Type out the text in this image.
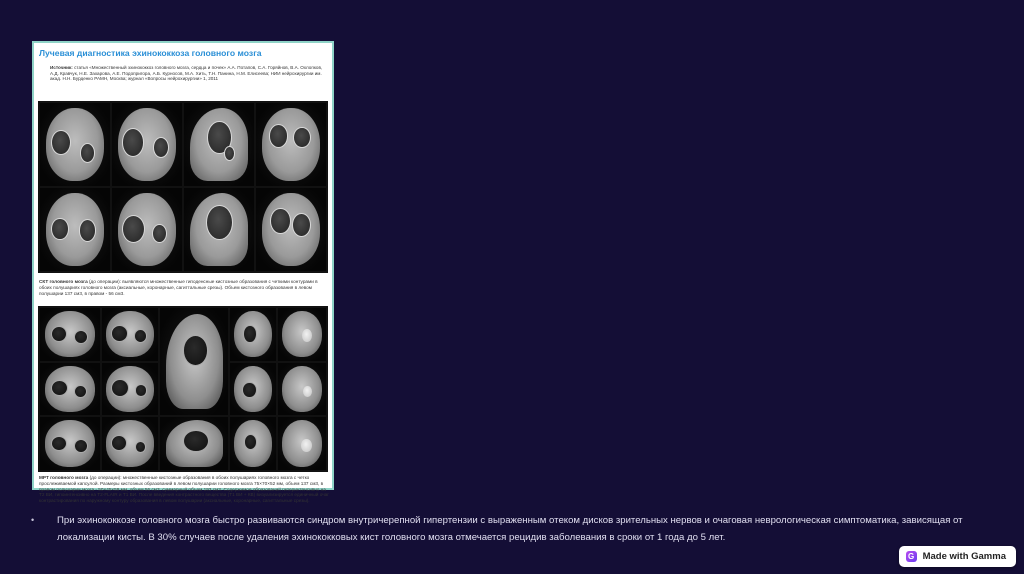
Лучевая диагностика эхинококкоза головного мозга
Источник: статья «Множественный эхинококкоз головного мозга, сердца и почек» А.А. Потапов, С.А. Горяйнов, В.А. Охлопков, А.Д. Кравчук, Н.Е. Захарова, А.Е. Подопригора, А.Б. Курносов, М.А. Хить, Т.Н. Панина, Н.М. Елисеева; НИИ нейрохирургии им. акад. Н.Н. Бурденко РАМН, Москва; журнал «Вопросы нейрохирургии» 1, 2011
СКТ головного мозга (до операции): выявляются множественные гиподенсные кистозные образования с четкими контурами в обоих полушариях головного мозга (аксиальные, коронарные, сагиттальные срезы). Объем кистозного образования в левом полушарии 137 см3, в правом - 56 см3.
МРТ головного мозга (до операции): множественные кистозные образования в обоих полушариях головного мозга с четко прослеживаемой капсулой. Размеры кистозных образований в левом полушарии головного мозга 75×70×52 мм, объем 137 см3, в правом полушарии мозга - 50×45×59 мм, объем 56 см3, суммарный объем 193 см3. Содержимое образований гиперинтенсивно на Т2 ВИ, гипоинтенсивно на Т2-FLAIR и Т1 ВИ. После введения контрастного вещества (Т1 ВИ + КВ) визуализируется единичный очаг контрастирования по наружному контуру образования в левом полушарии (аксиальные, коронарные, сагиттальные срезы).
• При эхинококкозе головного мозга быстро развиваются синдром внутричерепной гипертензии с выраженным отеком дисков зрительных нервов и очаговая неврологическая симптоматика, зависящая от локализации кисты. В 30% случаев после удаления эхинококковых кист головного мозга отмечается рецидив заболевания в сроки от 1 года до 5 лет.
G Made with Gamma
